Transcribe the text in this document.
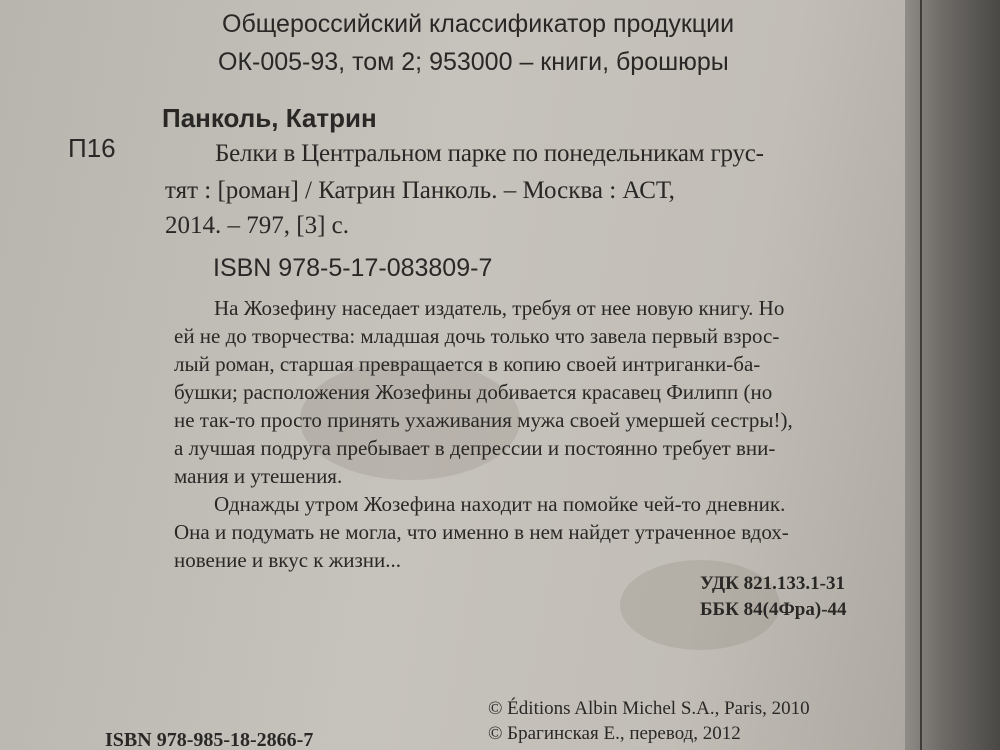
Общероссийский классификатор продукции
ОК-005-93, том 2; 953000 – книги, брошюры
Панколь, Катрин
П16	Белки в Центральном парке по понедельникам грус-
тят : [роман] / Катрин Панколь. – Москва : АСТ,
2014. – 797, [3] с.
ISBN 978-5-17-083809-7
На Жозефину наседает издатель, требуя от нее новую книгу. Но
ей не до творчества: младшая дочь только что завела первый взрос-
лый роман, старшая превращается в копию своей интриганки-ба-
бушки; расположения Жозефины добивается красавец Филипп (но
не так-то просто принять ухаживания мужа своей умершей сестры!),
а лучшая подруга пребывает в депрессии и постоянно требует вни-
мания и утешения.
Однажды утром Жозефина находит на помойке чей-то дневник.
Она и подумать не могла, что именно в нем найдет утраченное вдох-
новение и вкус к жизни...
УДК 821.133.1-31
ББК 84(4Фра)-44
© Éditions Albin Michel S.A., Paris, 2010
© Брагинская Е., перевод, 2012
ISBN 978-985-18-2866-7
